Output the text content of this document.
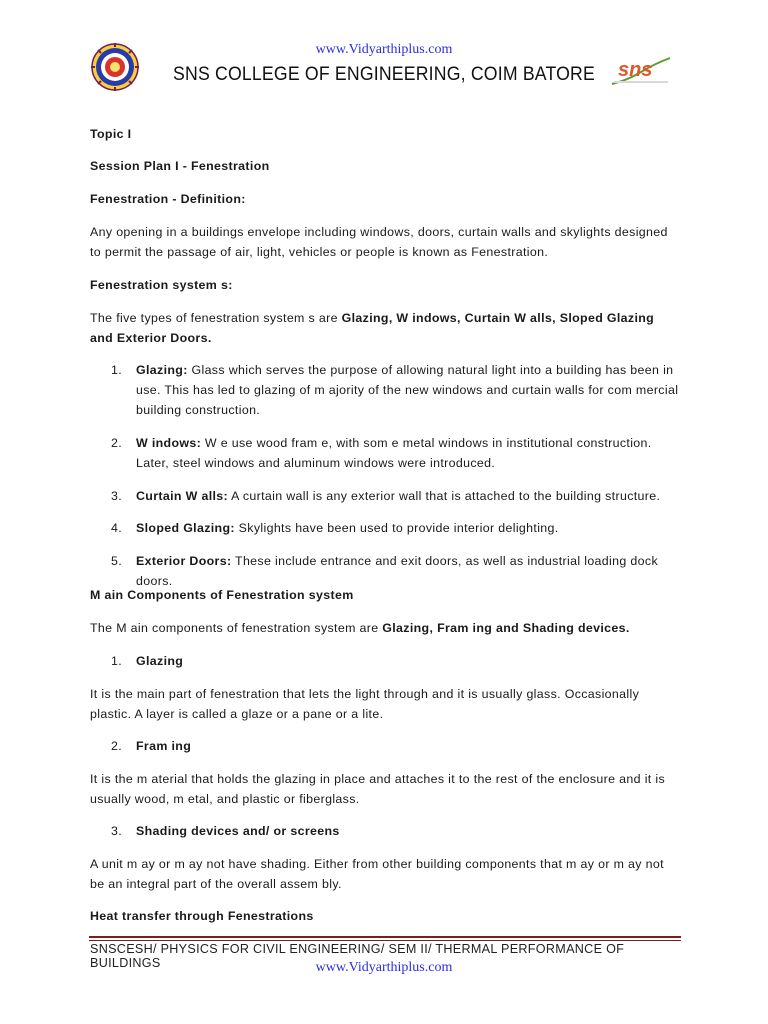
www.Vidyarthiplus.com
SNS COLLEGE OF ENGINEERING, COIM BATORE	sns

Topic I

Session Plan I - Fenestration

Fenestration - Definition:

Any opening in a buildings envelope including windows, doors, curtain walls and skylights designed to permit the passage of air, light, vehicles or people is known as Fenestration.

Fenestration system s:

The five types of fenestration system s are Glazing, W indows, Curtain W alls, Sloped Glazing and Exterior Doors.

1. Glazing: Glass which serves the purpose of allowing natural light into a building has been in use. This has led to glazing of m ajority of the new windows and curtain walls for com mercial building construction.

2. W indows: W e use wood fram e, with som e metal windows in institutional construction. Later, steel windows and aluminum windows were introduced.

3. Curtain W alls: A curtain wall is any exterior wall that is attached to the building structure.

4. Sloped Glazing: Skylights have been used to provide interior delighting.

5. Exterior Doors: These include entrance and exit doors, as well as industrial loading dock doors.

M ain Components of Fenestration system

The M ain components of fenestration system are Glazing, Fram ing and Shading devices.

1. Glazing

It is the main part of fenestration that lets the light through and it is usually glass. Occasionally plastic. A layer is called a glaze or a pane or a lite.

2. Fram ing

It is the m aterial that holds the glazing in place and attaches it to the rest of the enclosure and it is usually wood, m etal, and plastic or fiberglass.

3. Shading devices and/ or screens

A unit m ay or m ay not have shading. Either from other building components that m ay or m ay not be an integral part of the overall assem bly.

Heat transfer through Fenestrations

SNSCESH/ PHYSICS FOR CIVIL ENGINEERING/ SEM II/ THERMAL PERFORMANCE OF BUILDINGS	www.Vidyarthiplus.com
